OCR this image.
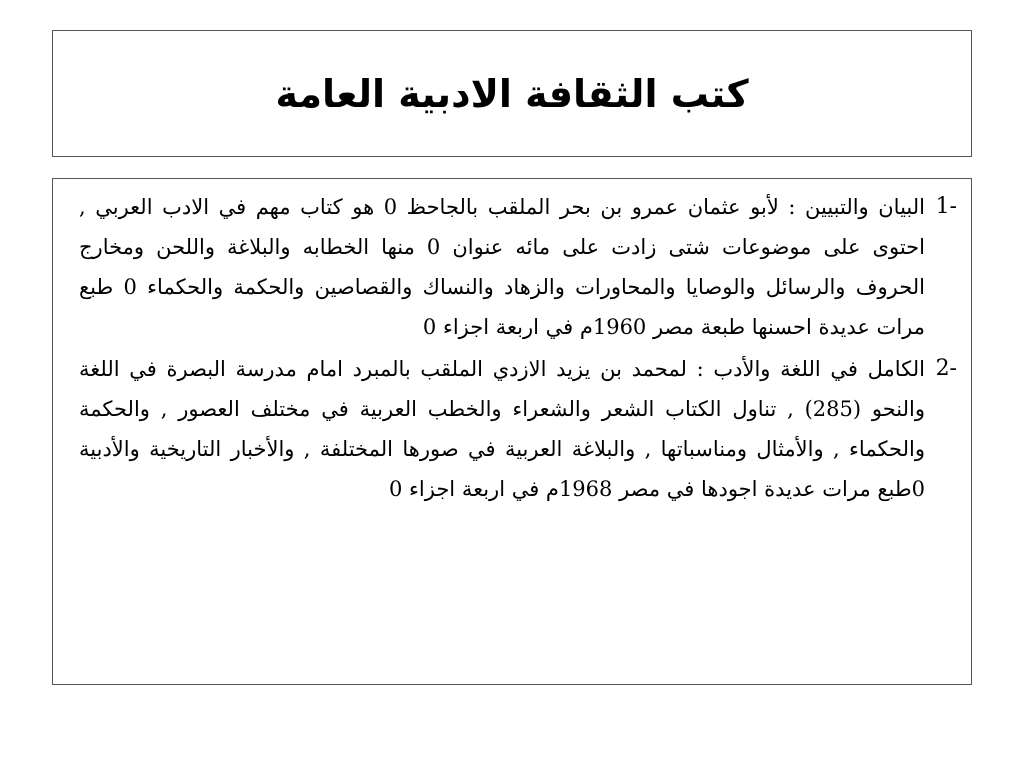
كتب الثقافة الادبية العامة
1-

البيان والتبيين : لأبو عثمان عمرو بن بحر الملقب بالجاحظ 0 هو كتاب مهم في الادب العربي , احتوى على موضوعات شتى زادت على مائه عنوان 0 منها الخطابه والبلاغة واللحن ومخارج الحروف والرسائل والوصايا والمحاورات والزهاد والنساك والقصاصين والحكمة والحكماء 0 طبع مرات عديدة احسنها طبعة مصر 1960م في اربعة اجزاء 0

2-

الكامل في اللغة والأدب : لمحمد بن يزيد الازدي الملقب بالمبرد امام مدرسة البصرة في اللغة والنحو (285) , تناول الكتاب الشعر والشعراء والخطب العربية في مختلف العصور , والحكمة والحكماء , والأمثال ومناسباتها , والبلاغة العربية في صورها المختلفة , والأخبار التاريخية والأدبية 0طبع مرات عديدة اجودها في مصر 1968م في اربعة اجزاء 0
